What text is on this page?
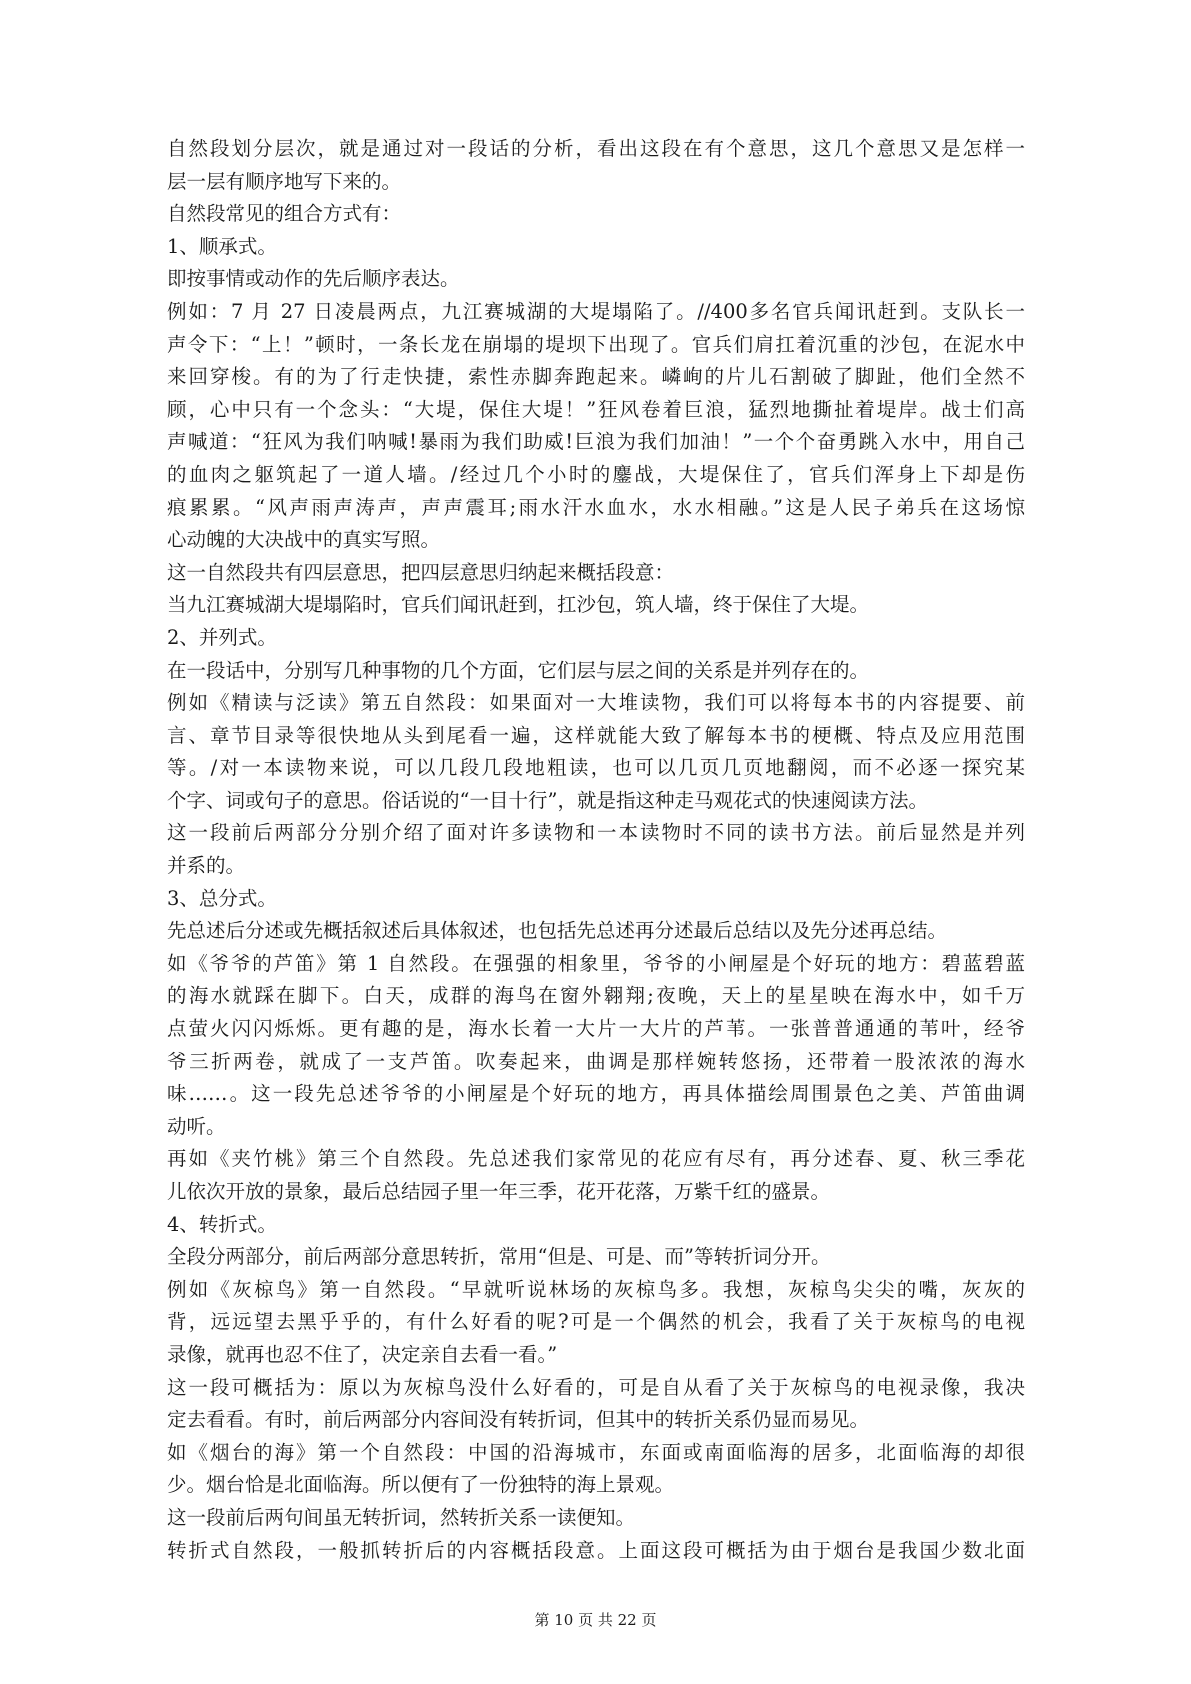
自然段划分层次，就是通过对一段话的分析，看出这段在有个意思，这几个意思又是怎样一
层一层有顺序地写下来的。
自然段常见的组合方式有：
1、顺承式。
即按事情或动作的先后顺序表达。
例如：7 月 27 日凌晨两点，九江赛城湖的大堤塌陷了。//400多名官兵闻讯赶到。支队长一
声令下：“上！”顿时，一条长龙在崩塌的堤坝下出现了。官兵们肩扛着沉重的沙包，在泥水中
来回穿梭。有的为了行走快捷，索性赤脚奔跑起来。嶙峋的片儿石割破了脚趾，他们全然不
顾，心中只有一个念头：“大堤，保住大堤！”狂风卷着巨浪，猛烈地撕扯着堤岸。战士们高
声喊道：“狂风为我们呐喊!暴雨为我们助威!巨浪为我们加油！”一个个奋勇跳入水中，用自己
的血肉之躯筑起了一道人墙。/经过几个小时的鏖战，大堤保住了，官兵们浑身上下却是伤
痕累累。“风声雨声涛声，声声震耳;雨水汗水血水，水水相融。”这是人民子弟兵在这场惊
心动魄的大决战中的真实写照。
这一自然段共有四层意思，把四层意思归纳起来概括段意：
当九江赛城湖大堤塌陷时，官兵们闻讯赶到，扛沙包，筑人墙，终于保住了大堤。
2、并列式。
在一段话中，分别写几种事物的几个方面，它们层与层之间的关系是并列存在的。
例如《精读与泛读》第五自然段：如果面对一大堆读物，我们可以将每本书的内容提要、前
言、章节目录等很快地从头到尾看一遍，这样就能大致了解每本书的梗概、特点及应用范围
等。/对一本读物来说，可以几段几段地粗读，也可以几页几页地翻阅，而不必逐一探究某
个字、词或句子的意思。俗话说的“一目十行”，就是指这种走马观花式的快速阅读方法。
这一段前后两部分分别介绍了面对许多读物和一本读物时不同的读书方法。前后显然是并列
并系的。
3、总分式。
先总述后分述或先概括叙述后具体叙述，也包括先总述再分述最后总结以及先分述再总结。
如《爷爷的芦笛》第 1 自然段。在强强的相象里，爷爷的小闸屋是个好玩的地方：碧蓝碧蓝
的海水就踩在脚下。白天，成群的海鸟在窗外翱翔;夜晚，天上的星星映在海水中，如千万
点萤火闪闪烁烁。更有趣的是，海水长着一大片一大片的芦苇。一张普普通通的苇叶，经爷
爷三折两卷，就成了一支芦笛。吹奏起来，曲调是那样婉转悠扬，还带着一股浓浓的海水
味……。这一段先总述爷爷的小闸屋是个好玩的地方，再具体描绘周围景色之美、芦笛曲调
动听。
再如《夹竹桃》第三个自然段。先总述我们家常见的花应有尽有，再分述春、夏、秋三季花
儿依次开放的景象，最后总结园子里一年三季，花开花落，万紫千红的盛景。
4、转折式。
全段分两部分，前后两部分意思转折，常用“但是、可是、而”等转折词分开。
例如《灰椋鸟》第一自然段。“早就听说林场的灰椋鸟多。我想，灰椋鸟尖尖的嘴，灰灰的
背，远远望去黑乎乎的，有什么好看的呢?可是一个偶然的机会，我看了关于灰椋鸟的电视
录像，就再也忍不住了，决定亲自去看一看。”
这一段可概括为：原以为灰椋鸟没什么好看的，可是自从看了关于灰椋鸟的电视录像，我决
定去看看。有时，前后两部分内容间没有转折词，但其中的转折关系仍显而易见。
如《烟台的海》第一个自然段：中国的沿海城市，东面或南面临海的居多，北面临海的却很
少。烟台恰是北面临海。所以便有了一份独特的海上景观。
这一段前后两句间虽无转折词，然转折关系一读便知。
转折式自然段，一般抓转折后的内容概括段意。上面这段可概括为由于烟台是我国少数北面
第 10 页 共 22 页
